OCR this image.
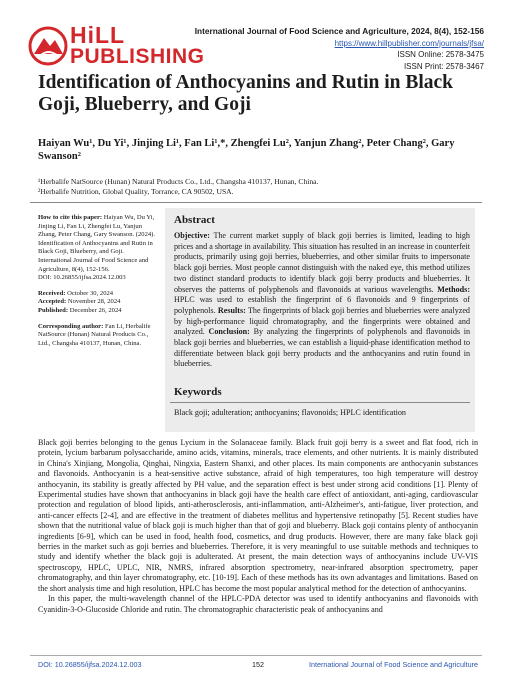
HiLL
PUBLISHING
International Journal of Food Science and Agriculture, 2024, 8(4), 152-156
https://www.hillpublisher.com/journals/jfsa/
ISSN Online: 2578-3475
ISSN Print: 2578-3467
Identification of Anthocyanins and Rutin in Black Goji, Blueberry, and Goji
Haiyan Wu¹, Du Yi¹, Jinjing Li¹, Fan Li¹,*, Zhengfei Lu², Yanjun Zhang², Peter Chang², Gary Swanson²
¹Herbalife NatSource (Hunan) Natural Products Co., Ltd., Changsha 410137, Hunan, China.
²Herbalife Nutrition, Global Quality, Torrance, CA 90502, USA.

How to cite this paper: Haiyan Wu, Du Yi, Jinjing Li, Fan Li, Zhengfei Lu, Yanjun Zhang, Peter Chang, Gary Swanson. (2024). Identification of Anthocyanins and Rutin in Black Goji, Blueberry, and Goji. International Journal of Food Science and Agriculture, 8(4), 152-156.
DOI: 10.26855/ijfsa.2024.12.003

Received: October 30, 2024
Accepted: November 28, 2024
Published: December 26, 2024

Corresponding author: Fan Li, Herbalife NatSource (Hunan) Natural Products Co., Ltd., Changsha 410137, Hunan, China.

Abstract
Objective: The current market supply of black goji berries is limited, leading to high prices and a shortage in availability. This situation has resulted in an increase in counterfeit products, primarily using goji berries, blueberries, and other similar fruits to impersonate black goji berries. Most people cannot distinguish with the naked eye, this method utilizes two distinct standard products to identify black goji berry products and blueberries. It observes the patterns of polyphenols and flavonoids at various wavelengths. Methods: HPLC was used to establish the fingerprint of 6 flavonoids and 9 fingerprints of polyphenols. Results: The fingerprints of black goji berries and blueberries were analyzed by high-performance liquid chromatography, and the fingerprints were obtained and analyzed. Conclusion: By analyzing the fingerprints of polyphenols and flavonoids in black goji berries and blueberries, we can establish a liquid-phase identification method to differentiate between black goji berry products and the anthocyanins and rutin found in blueberries.
Keywords
Black goji; adulteration; anthocyanins; flavonoids; HPLC identification

Black goji berries belonging to the genus Lycium in the Solanaceae family. Black fruit goji berry is a sweet and flat food, rich in protein, lycium barbarum polysaccharide, amino acids, vitamins, minerals, trace elements, and other nutrients. It is mainly distributed in China's Xinjiang, Mongolia, Qinghai, Ningxia, Eastern Shanxi, and other places. Its main components are anthocyanin substances and flavonoids. Anthocyanin is a heat-sensitive active substance, afraid of high temperatures, too high temperature will destroy anthocyanin, its stability is greatly affected by PH value, and the separation effect is best under strong acid conditions [1]. Plenty of Experimental studies have shown that anthocyanins in black goji have the health care effect of antioxidant, anti-aging, cardiovascular protection and regulation of blood lipids, anti-atherosclerosis, anti-inflammation, anti-Alzheimer's, anti-fatigue, liver protection, and anti-cancer effects [2-4], and are effective in the treatment of diabetes mellitus and hypertensive retinopathy [5]. Recent studies have shown that the nutritional value of black goji is much higher than that of goji and blueberry. Black goji contains plenty of anthocyanin ingredients [6-9], which can be used in food, health food, cosmetics, and drug products. However, there are many fake black goji berries in the market such as goji berries and blueberries. Therefore, it is very meaningful to use suitable methods and techniques to study and identify whether the black goji is adulterated. At present, the main detection ways of anthocyanins include UV-VIS spectroscopy, HPLC, UPLC, NIR, NMRS, infrared absorption spectrometry, near-infrared absorption spectrometry, paper chromatography, and thin layer chromatography, etc. [10-19]. Each of these methods has its own advantages and limitations. Based on the short analysis time and high resolution, HPLC has become the most popular analytical method for the detection of anthocyanins.

In this paper, the multi-wavelength channel of the HPLC-PDA detector was used to identify anthocyanins and flavonoids with Cyanidin-3-O-Glucoside Chloride and rutin. The chromatographic characteristic peak of anthocyanins and

DOI: 10.26855/ijfsa.2024.12.003	152	International Journal of Food Science and Agriculture
